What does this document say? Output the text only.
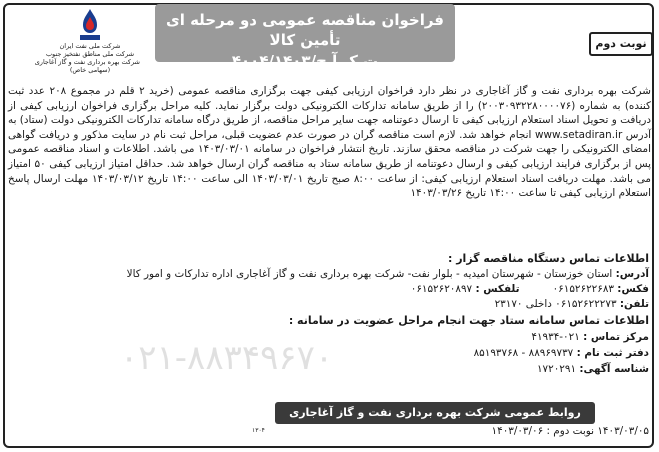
۰۲۱-۸۸۳۴۹۶۷۰
فراخوان مناقصه عمومی دو مرحله ای تأمین کالا
۴۰۰۴/ت ک آ ج/۱۴۰۳
نوبت دوم
شرکت ملی نفت ایران
شرکت ملی مناطق نفتخیز جنوب
شرکت بهره برداری نفت و گاز آغاجاری
(سهامی خاص)

شرکت بهره برداری نفت و گاز آغاجاری در نظر دارد فراخوان ارزیابی کیفی جهت برگزاری مناقصه عمومی (خرید ۲ قلم در مجموع ۲۰۸ عدد ثبت کننده) به شماره (۲۰۰۳۰۹۳۲۲۸۰۰۰۰۷۶) را از طریق سامانه تدارکات الکترونیکی دولت برگزار نماید. کلیه مراحل برگزاری فراخوان ارزیابی کیفی از دریافت و تحویل اسناد استعلام ارزیابی کیفی تا ارسال دعوتنامه جهت سایر مراحل مناقصه، از طریق درگاه سامانه تدارکات الکترونیکی دولت (ستاد) به آدرس www.setadiran.ir انجام خواهد شد. لازم است مناقصه گران در صورت عدم عضویت قبلی، مراحل ثبت نام در سایت مذکور و دریافت گواهی امضای الکترونیکی را جهت شرکت در مناقصه محقق سازند. تاریخ انتشار فراخوان در سامانه ۱۴۰۳/۰۳/۰۱ می باشد. اطلاعات و اسناد مناقصه عمومی پس از برگزاری فرایند ارزیابی کیفی و ارسال دعوتنامه از طریق سامانه ستاد به مناقصه گران ارسال خواهد شد. حداقل امتیاز ارزیابی کیفی ۵۰ امتیاز می باشد. مهلت دریافت اسناد استعلام ارزیابی کیفی: از ساعت ۸:۰۰ صبح تاریخ ۱۴۰۳/۰۳/۰۱ الی ساعت ۱۴:۰۰ تاریخ ۱۴۰۳/۰۳/۱۲ مهلت ارسال پاسخ استعلام ارزیابی کیفی تا ساعت ۱۴:۰۰ تاریخ ۱۴۰۳/۰۳/۲۶

اطلاعات تماس دستگاه مناقصه گزار :
آدرس: استان خوزستان - شهرستان امیدیه - بلوار نفت- شرکت بهره برداری نفت و گاز آغاجاری اداره تدارکات و امور کالا
فکس: ۰۶۱۵۲۶۲۲۶۸۳          تلفکس : ۰۶۱۵۲۶۲۰۸۹۷
تلفن: ۰۶۱۵۲۶۲۲۲۷۳ داخلی ۲۳۱۷۰
اطلاعات تماس سامانه ستاد جهت انجام مراحل عضویت در سامانه :
مرکز تماس : ۰۲۱-۴۱۹۳۴
دفتر ثبت نام : ۸۸۹۶۹۷۳۷ - ۸۵۱۹۳۷۶۸
شناسه آگهی: ۱۷۲۰۲۹۱
روابط عمومی شرکت بهره برداری نفت و گاز آغاجاری
۱۴۰۳/۰۳/۰۵ نوبت دوم : ۱۴۰۳/۰۳/۰۶
۱۳۰۴
